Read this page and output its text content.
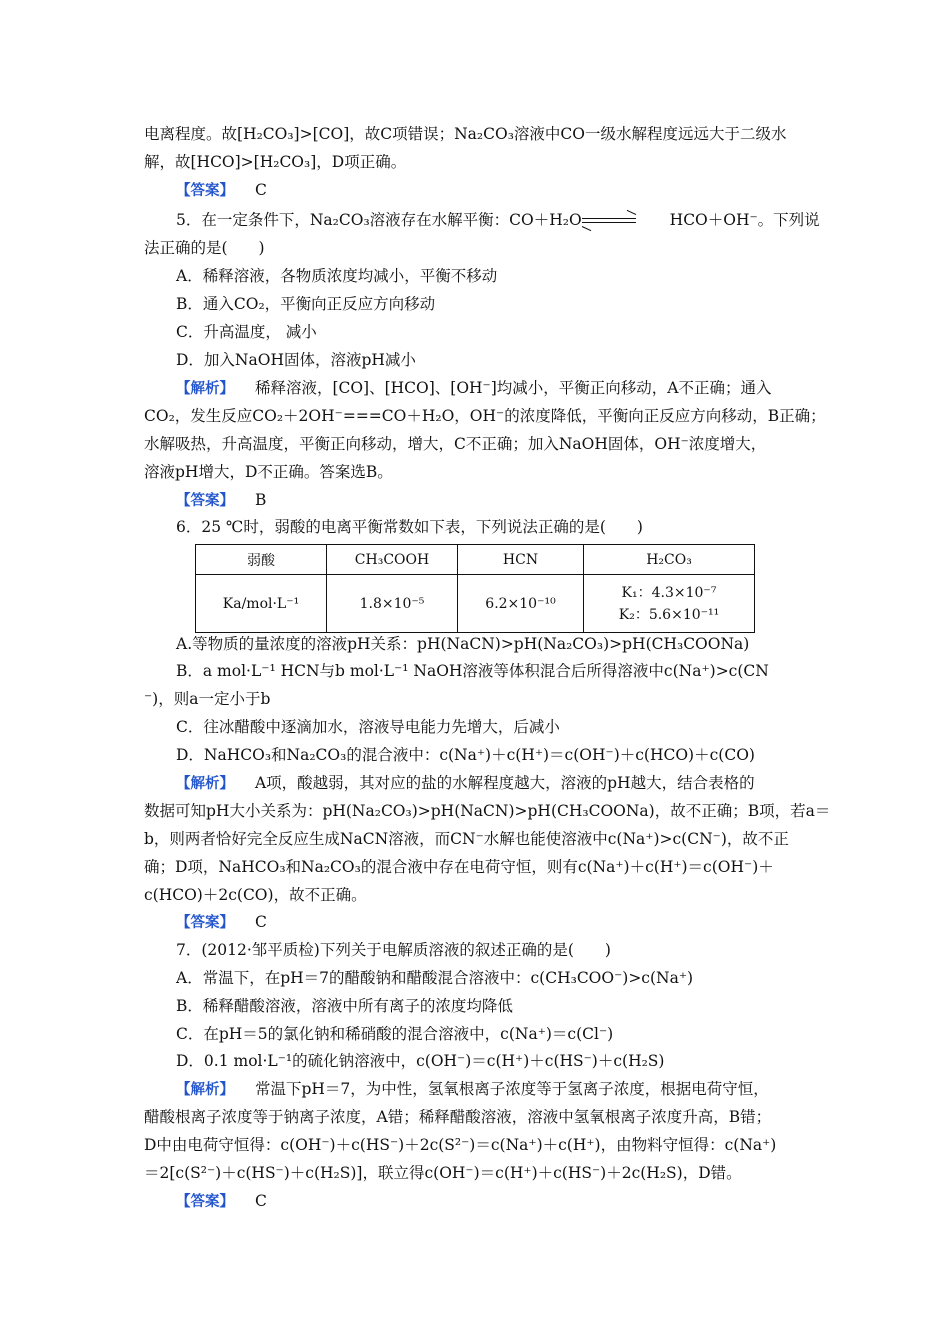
电离程度。故[H₂CO₃]>[CO]，故C项错误；Na₂CO₃溶液中CO一级水解程度远远大于二级水
解，故[HCO]>[H₂CO₃]，D项正确。
【答案】 C
5．在一定条件下，Na₂CO₃溶液存在水解平衡：CO＋H₂O	HCO＋OH⁻。下列说
法正确的是(　　)
A．稀释溶液，各物质浓度均减小，平衡不移动
B．通入CO₂，平衡向正反应方向移动
C．升高温度， 减小
D．加入NaOH固体，溶液pH减小
【解析】 稀释溶液，[CO]、[HCO]、[OH⁻]均减小，平衡正向移动，A不正确；通入
CO₂，发生反应CO₂＋2OH⁻===CO＋H₂O，OH⁻的浓度降低，平衡向正反应方向移动，B正确；
水解吸热，升高温度，平衡正向移动，增大，C不正确；加入NaOH固体，OH⁻浓度增大，
溶液pH增大，D不正确。答案选B。
【答案】 B
6．25 ℃时，弱酸的电离平衡常数如下表，下列说法正确的是(　　)
弱酸	CH₃COOH	HCN	H₂CO₃
Ka/mol·L⁻¹	1.8×10⁻⁵	6.2×10⁻¹⁰	K₁：4.3×10⁻⁷
K₂：5.6×10⁻¹¹
A.等物质的量浓度的溶液pH关系：pH(NaCN)>pH(Na₂CO₃)>pH(CH₃COONa)
B．a mol·L⁻¹ HCN与b mol·L⁻¹ NaOH溶液等体积混合后所得溶液中c(Na⁺)>c(CN
⁻)，则a一定小于b
C．往冰醋酸中逐滴加水，溶液导电能力先增大，后减小
D．NaHCO₃和Na₂CO₃的混合液中：c(Na⁺)＋c(H⁺)＝c(OH⁻)＋c(HCO)＋c(CO)
【解析】 A项，酸越弱，其对应的盐的水解程度越大，溶液的pH越大，结合表格的
数据可知pH大小关系为：pH(Na₂CO₃)>pH(NaCN)>pH(CH₃COONa)，故不正确；B项，若a＝
b，则两者恰好完全反应生成NaCN溶液，而CN⁻水解也能使溶液中c(Na⁺)>c(CN⁻)，故不正
确；D项，NaHCO₃和Na₂CO₃的混合液中存在电荷守恒，则有c(Na⁺)＋c(H⁺)＝c(OH⁻)＋
c(HCO)＋2c(CO)，故不正确。
【答案】 C
7．(2012·邹平质检)下列关于电解质溶液的叙述正确的是(　　)
A．常温下，在pH＝7的醋酸钠和醋酸混合溶液中：c(CH₃COO⁻)>c(Na⁺)
B．稀释醋酸溶液，溶液中所有离子的浓度均降低
C．在pH＝5的氯化钠和稀硝酸的混合溶液中，c(Na⁺)＝c(Cl⁻)
D．0.1 mol·L⁻¹的硫化钠溶液中，c(OH⁻)＝c(H⁺)＋c(HS⁻)＋c(H₂S)
【解析】 常温下pH＝7，为中性，氢氧根离子浓度等于氢离子浓度，根据电荷守恒，
醋酸根离子浓度等于钠离子浓度，A错；稀释醋酸溶液，溶液中氢氧根离子浓度升高，B错；
D中由电荷守恒得：c(OH⁻)＋c(HS⁻)＋2c(S²⁻)＝c(Na⁺)＋c(H⁺)，由物料守恒得：c(Na⁺)
＝2[c(S²⁻)＋c(HS⁻)＋c(H₂S)]，联立得c(OH⁻)＝c(H⁺)＋c(HS⁻)＋2c(H₂S)，D错。
【答案】 C
